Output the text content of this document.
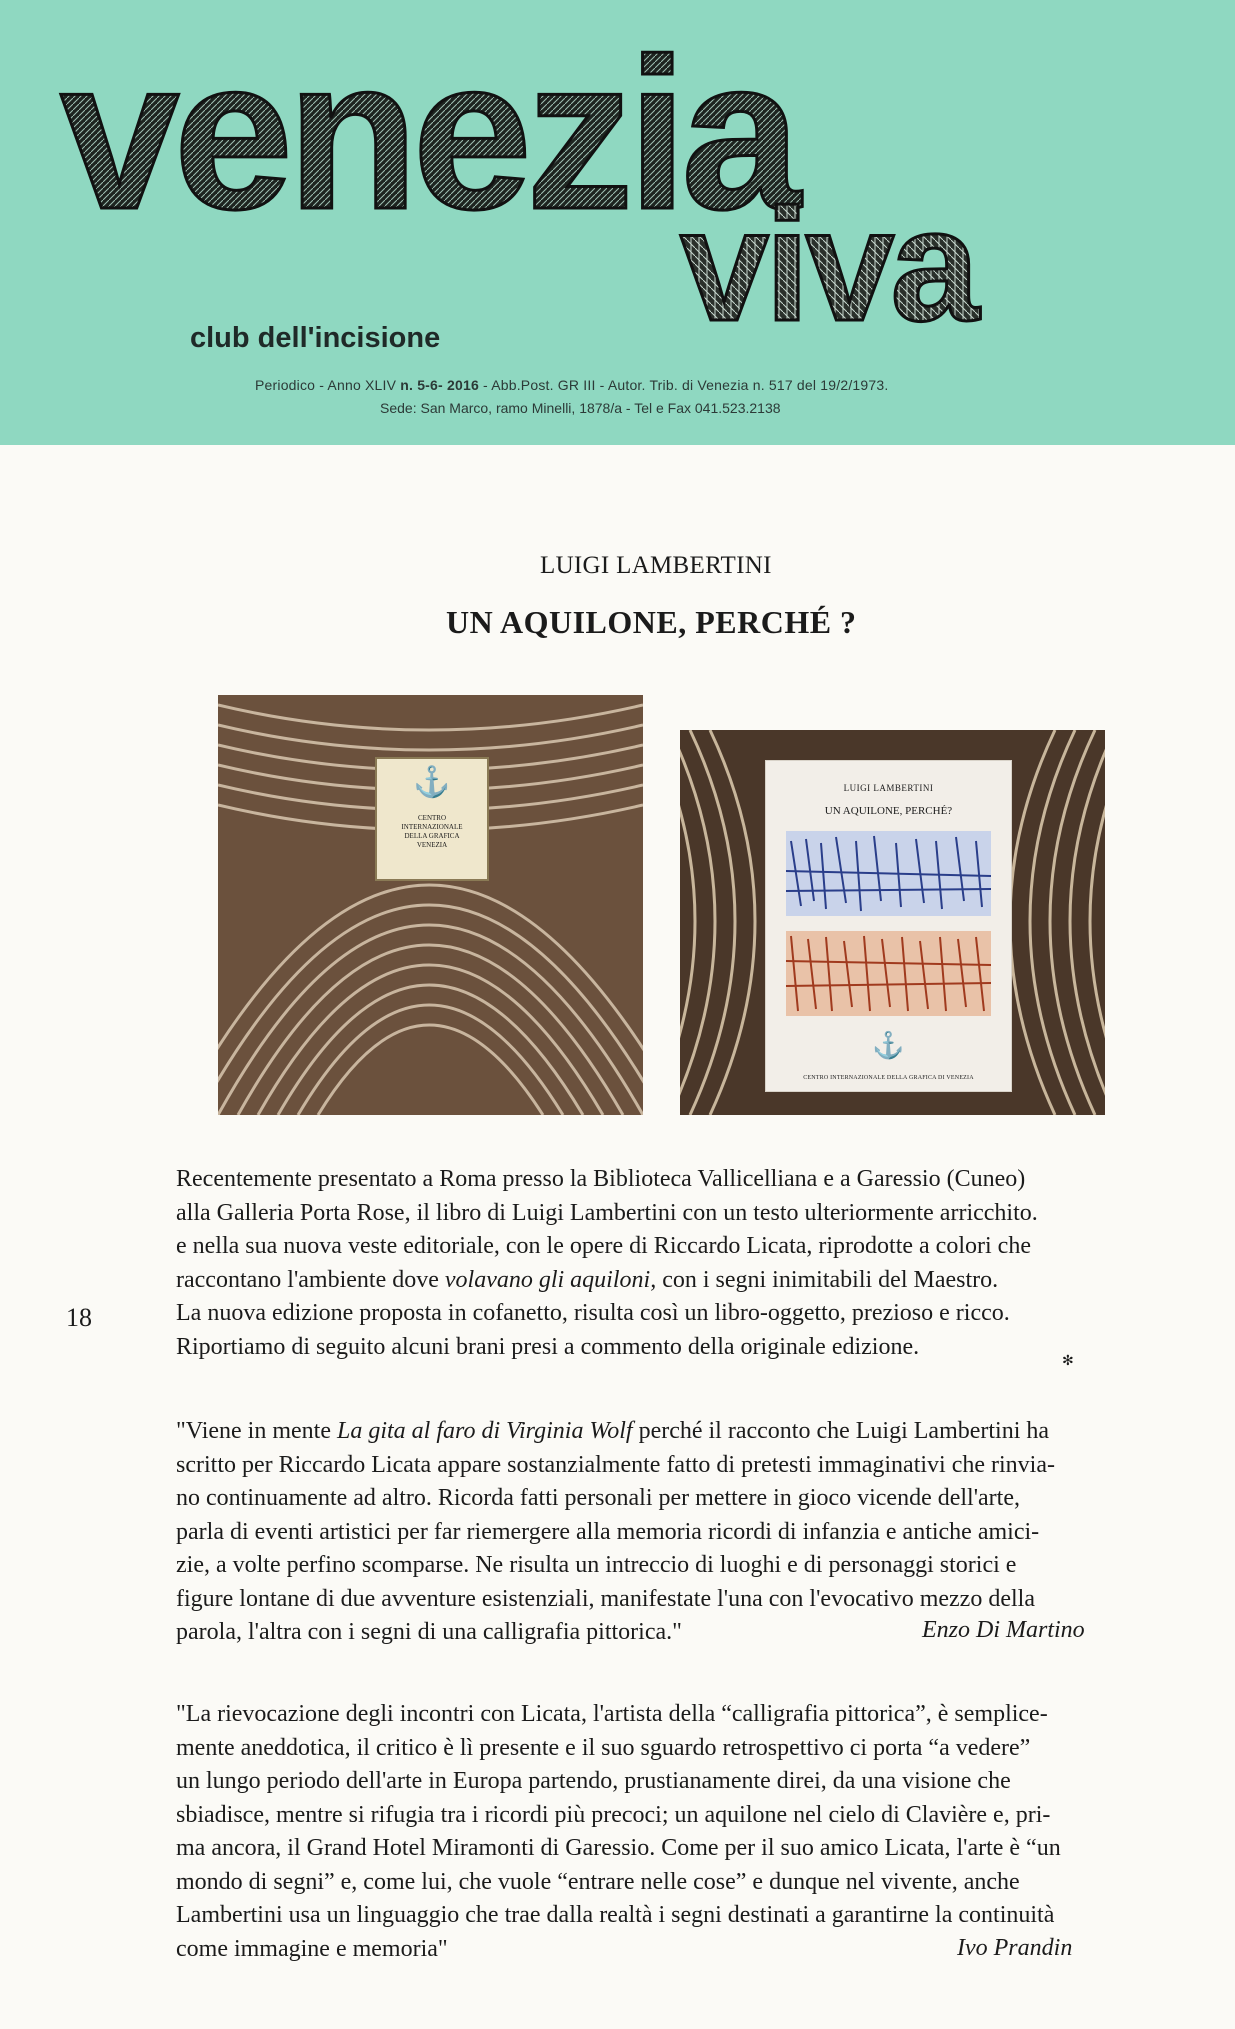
venezia
viva
club dell'incisione
Periodico - Anno XLIV n. 5-6- 2016 - Abb.Post. GR III - Autor. Trib. di Venezia n. 517 del 19/2/1973.
Sede: San Marco, ramo Minelli, 1878/a - Tel e Fax 041.523.2138
LUIGI LAMBERTINI
UN AQUILONE, PERCHÉ ?
⚓
CENTRO
INTERNAZIONALE
DELLA GRAFICA
VENEZIA
LUIGI LAMBERTINI
UN AQUILONE, PERCHÉ?
⚓
CENTRO INTERNAZIONALE DELLA GRAFICA DI VENEZIA
18
✻
Recentemente presentato a Roma presso la Biblioteca Vallicelliana e a Garessio (Cuneo)
alla Galleria Porta Rose, il libro di Luigi Lambertini con un testo ulteriormente arricchito.
e nella sua nuova veste editoriale, con le opere di Riccardo Licata, riprodotte a colori che
raccontano l'ambiente dove volavano gli aquiloni, con i segni inimitabili del Maestro.
La nuova edizione proposta in cofanetto, risulta così un libro-oggetto, prezioso e ricco.
Riportiamo di seguito alcuni brani presi a commento della originale edizione.
"Viene in mente La gita al faro di Virginia Wolf perché il racconto che Luigi Lambertini ha
scritto per Riccardo Licata appare sostanzialmente fatto di pretesti immaginativi che rinvia-
no continuamente ad altro. Ricorda fatti personali per mettere in gioco vicende dell'arte,
parla di eventi artistici per far riemergere alla memoria ricordi di infanzia e antiche amici-
zie, a volte perfino scomparse. Ne risulta un intreccio di luoghi e di personaggi storici e
figure lontane di due avventure esistenziali, manifestate l'una con l'evocativo mezzo della
parola, l'altra con i segni di una calligrafia pittorica."	Enzo Di Martino
"La rievocazione degli incontri con Licata, l'artista della “calligrafia pittorica”, è semplice-
mente aneddotica, il critico è lì presente e il suo sguardo retrospettivo ci porta “a vedere”
un lungo periodo dell'arte in Europa partendo, prustianamente direi, da una visione che
sbiadisce, mentre si rifugia tra i ricordi più precoci; un aquilone nel cielo di Clavière e, pri-
ma ancora, il Grand Hotel Miramonti di Garessio. Come per il suo amico Licata, l'arte è “un
mondo di segni” e, come lui, che vuole “entrare nelle cose” e dunque nel vivente, anche
Lambertini usa un linguaggio che trae dalla realtà i segni destinati a garantirne la continuità
come immagine e memoria"	Ivo Prandin
